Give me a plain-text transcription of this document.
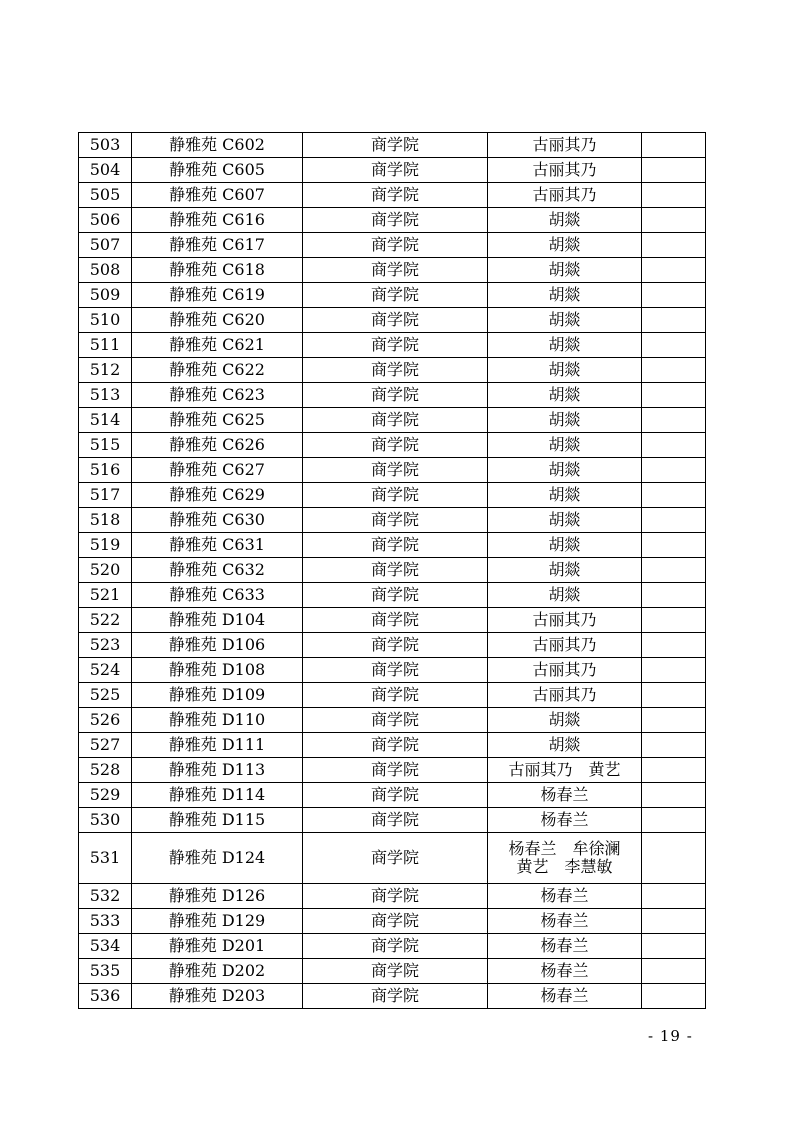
503	静雅苑 C602	商学院	古丽其乃	

504	静雅苑 C605	商学院	古丽其乃	

505	静雅苑 C607	商学院	古丽其乃	

506	静雅苑 C616	商学院	胡燚	

507	静雅苑 C617	商学院	胡燚	

508	静雅苑 C618	商学院	胡燚	

509	静雅苑 C619	商学院	胡燚	

510	静雅苑 C620	商学院	胡燚	

511	静雅苑 C621	商学院	胡燚	

512	静雅苑 C622	商学院	胡燚	

513	静雅苑 C623	商学院	胡燚	

514	静雅苑 C625	商学院	胡燚	

515	静雅苑 C626	商学院	胡燚	

516	静雅苑 C627	商学院	胡燚	

517	静雅苑 C629	商学院	胡燚	

518	静雅苑 C630	商学院	胡燚	

519	静雅苑 C631	商学院	胡燚	

520	静雅苑 C632	商学院	胡燚	

521	静雅苑 C633	商学院	胡燚	

522	静雅苑 D104	商学院	古丽其乃	

523	静雅苑 D106	商学院	古丽其乃	

524	静雅苑 D108	商学院	古丽其乃	

525	静雅苑 D109	商学院	古丽其乃	

526	静雅苑 D110	商学院	胡燚	

527	静雅苑 D111	商学院	胡燚	

528	静雅苑 D113	商学院	古丽其乃　黄艺	

529	静雅苑 D114	商学院	杨春兰	

530	静雅苑 D115	商学院	杨春兰	

531	静雅苑 D124	商学院	杨春兰　牟徐澜
黄艺　李慧敏	

532	静雅苑 D126	商学院	杨春兰	

533	静雅苑 D129	商学院	杨春兰	

534	静雅苑 D201	商学院	杨春兰	

535	静雅苑 D202	商学院	杨春兰	

536	静雅苑 D203	商学院	杨春兰	

- 19 -
